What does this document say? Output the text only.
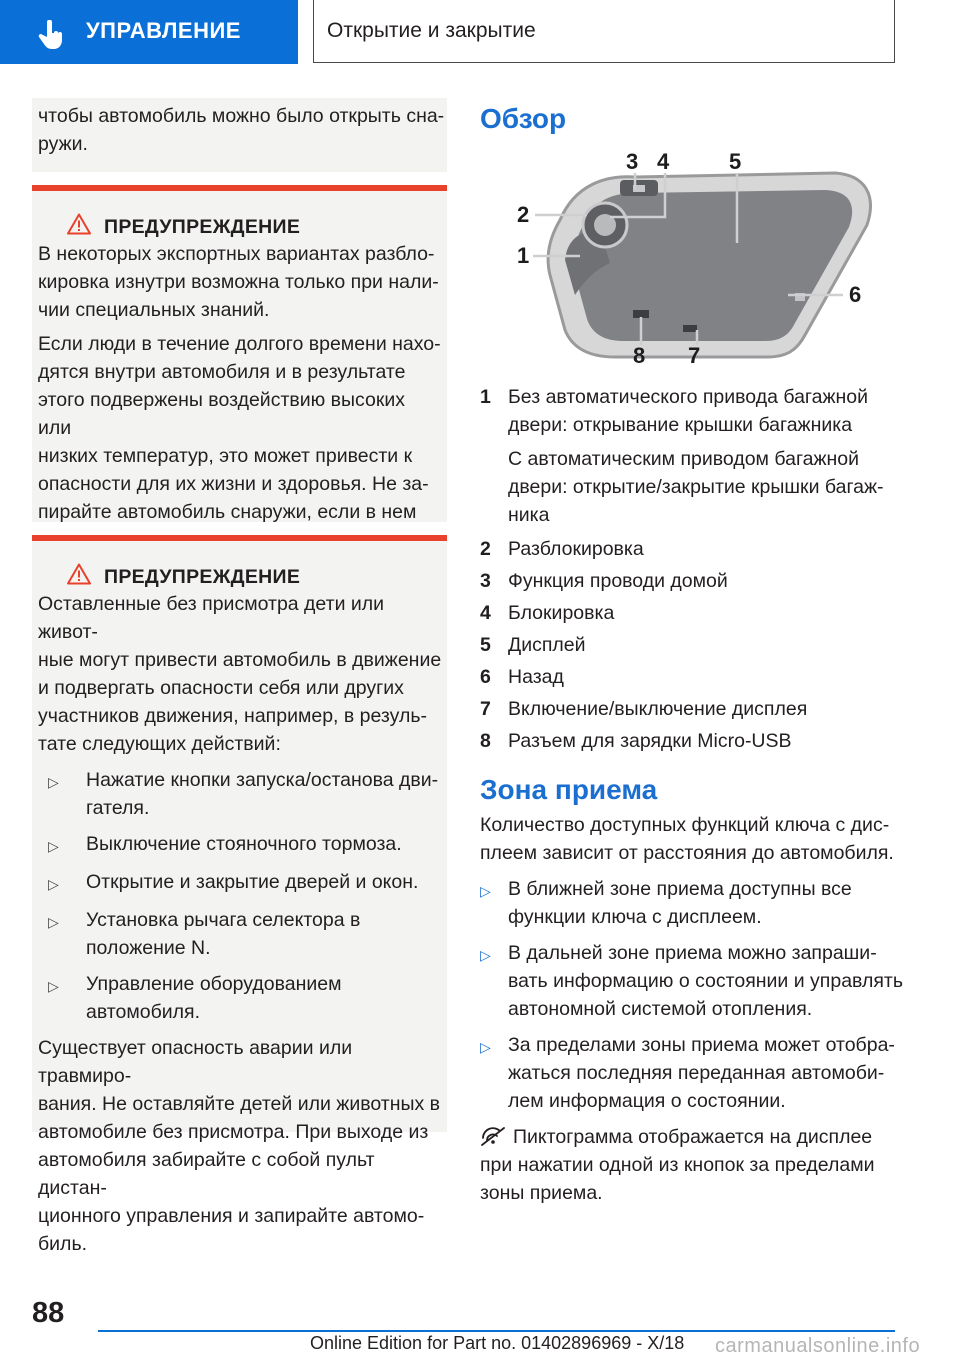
УПРАВЛЕНИЕ	Открытие и закрытие
чтобы автомобиль можно было открыть сна-
ружи.
ПРЕДУПРЕЖДЕНИЕ
В некоторых экспортных вариантах разбло-
кировка изнутри возможна только при нали-
чии специальных знаний.
Если люди в течение долгого времени нахо-
дятся внутри автомобиля и в результате
этого подвержены воздействию высоких или
низких температур, это может привести к
опасности для их жизни и здоровья. Не за-
пирайте автомобиль снаружи, если в нем
ПРЕДУПРЕЖДЕНИЕ
Оставленные без присмотра дети или живот-
ные могут привести автомобиль в движение
и подвергать опасности себя или других
участников движения, например, в резуль-
тате следующих действий:
▷	Нажатие кнопки запуска/останова дви-
гателя.
▷	Выключение стояночного тормоза.
▷	Открытие и закрытие дверей и окон.
▷	Установка рычага селектора в
положение N.
▷	Управление оборудованием
автомобиля.
Существует опасность аварии или травмиро-
вания. Не оставляйте детей или животных в
автомобиле без присмотра. При выходе из
автомобиля забирайте с собой пульт дистан-
ционного управления и запирайте автомо-
биль.
Обзор
1
2
3 4	5
6
7
8
1 Без автоматического привода багажной
двери: открывание крышки багажника
С автоматическим приводом багажной
двери: открытие/закрытие крышки багаж-
ника
2 Разблокировка
3 Функция проводи домой
4 Блокировка
5 Дисплей
6 Назад
7 Включение/выключение дисплея
8 Разъем для зарядки Micro-USB
Зона приема
Количество доступных функций ключа с дис-
плеем зависит от расстояния до автомобиля.
▷ В ближней зоне приема доступны все
функции ключа с дисплеем.
▷ В дальней зоне приема можно запраши-
вать информацию о состоянии и управлять
автономной системой отопления.
▷ За пределами зоны приема может отобра-
жаться последняя переданная автомоби-
лем информация о состоянии.
Пиктограмма отображается на дисплее
при нажатии одной из кнопок за пределами
зоны приема.
88
Online Edition for Part no. 01402896969 - X/18 carmanualsonline.info
